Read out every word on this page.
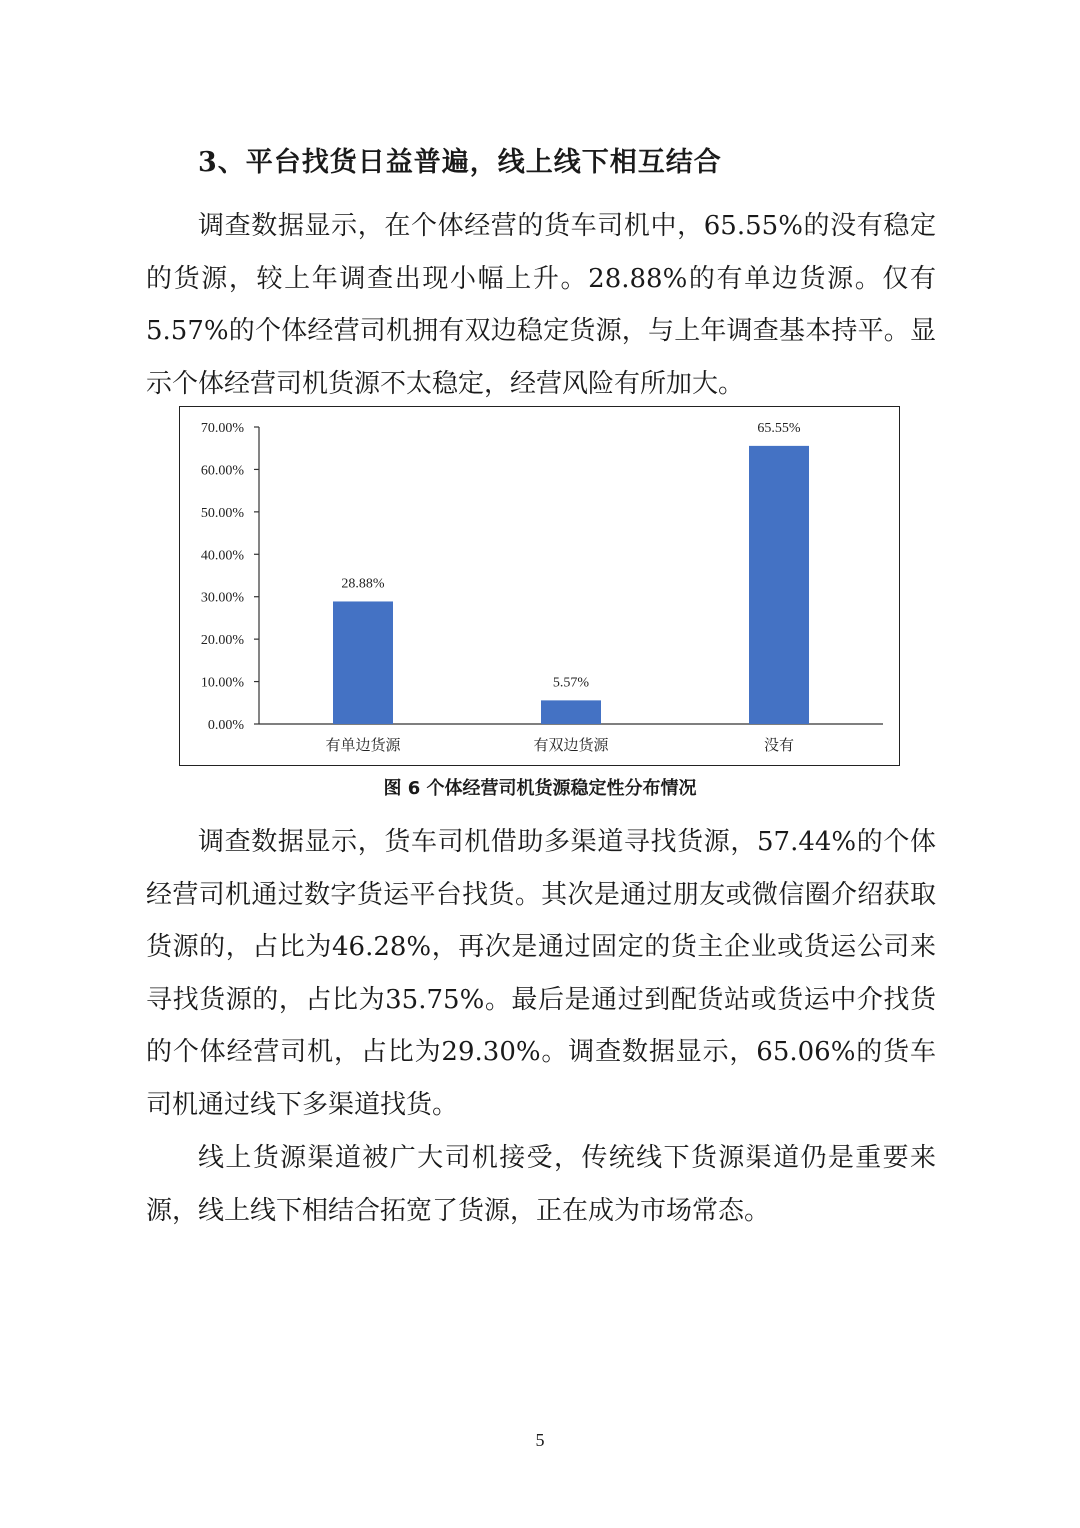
3、平台找货日益普遍，线上线下相互结合

调查数据显示，在个体经营的货车司机中，65.55%的没有稳定的货源，较上年调查出现小幅上升。28.88%的有单边货源。仅有5.57%的个体经营司机拥有双边稳定货源，与上年调查基本持平。显示个体经营司机货源不太稳定，经营风险有所加大。

0.00%
10.00%
20.00%
30.00%
40.00%
50.00%
60.00%
70.00%
28.88%
有单边货源
5.57%
有双边货源
65.55%
没有
图 6 个体经营司机货源稳定性分布情况

调查数据显示，货车司机借助多渠道寻找货源，57.44%的个体经营司机通过数字货运平台找货。其次是通过朋友或微信圈介绍获取货源的，占比为46.28%，再次是通过固定的货主企业或货运公司来寻找货源的，占比为35.75%。最后是通过到配货站或货运中介找货的个体经营司机，占比为29.30%。调查数据显示，65.06%的货车司机通过线下多渠道找货。

线上货源渠道被广大司机接受，传统线下货源渠道仍是重要来源，线上线下相结合拓宽了货源，正在成为市场常态。

5
